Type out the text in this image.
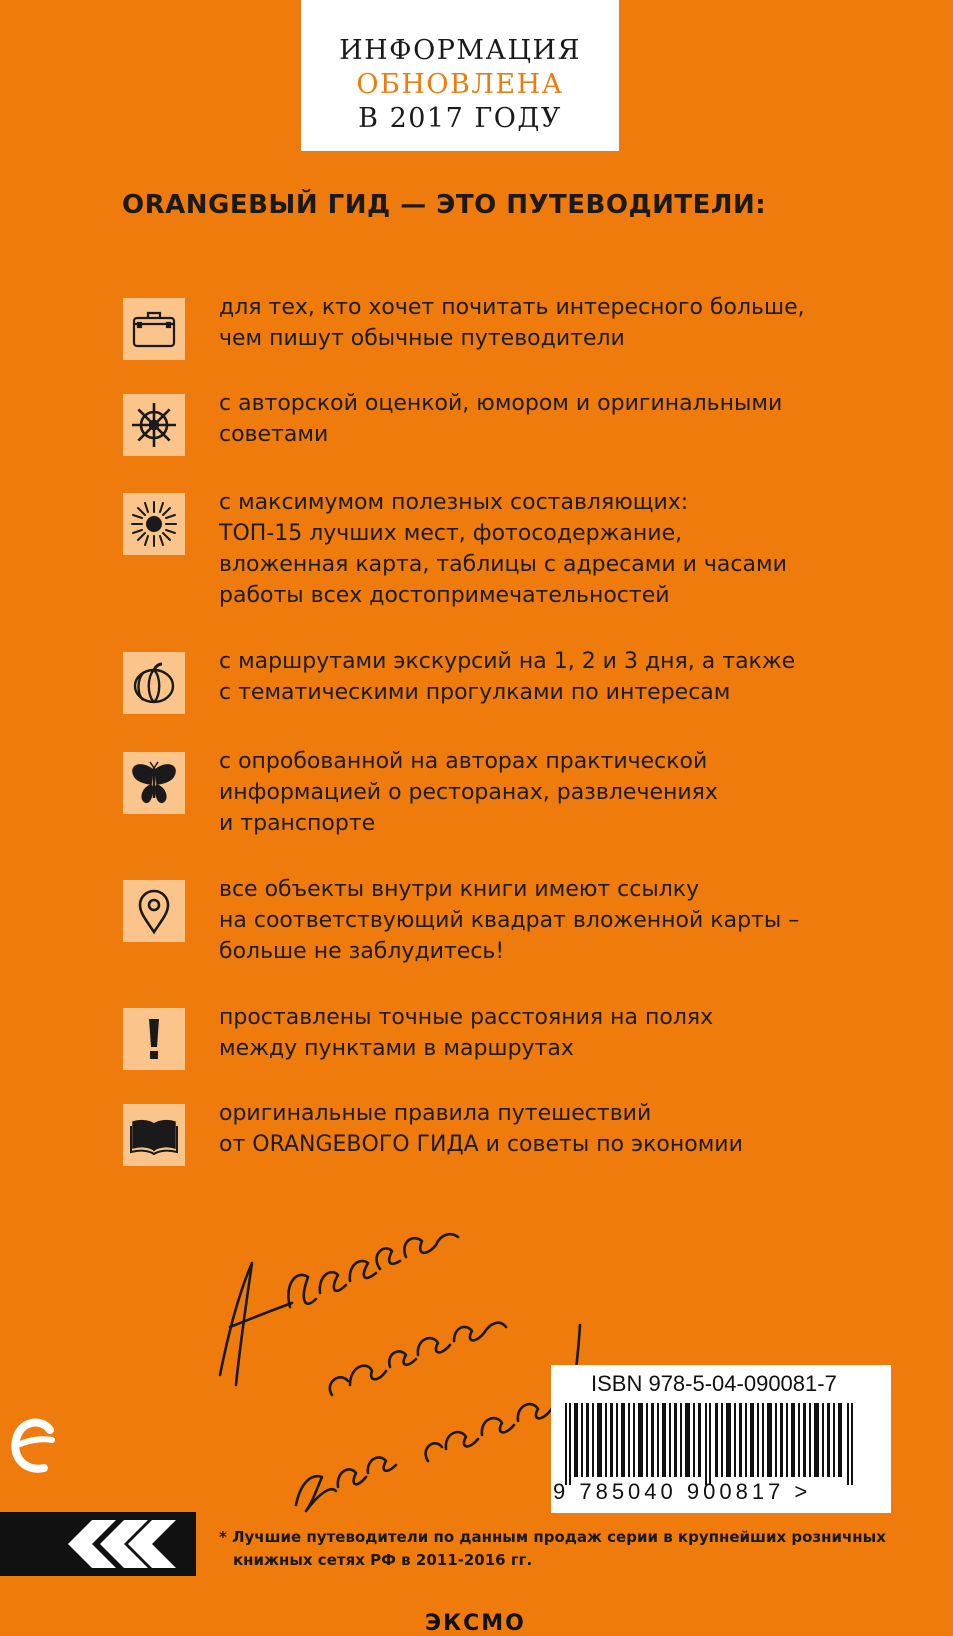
ИНФОРМАЦИЯ
ОБНОВЛЕНА
В 2017 ГОДУ
ORANGEВЫЙ ГИД — ЭТО ПУТЕВОДИТЕЛИ:
для тех, кто хочет почитать интересного больше,
чем пишут обычные путеводители
с авторской оценкой, юмором и оригинальными
советами
с максимумом полезных составляющих:
ТОП-15 лучших мест, фотосодержание,
вложенная карта, таблицы с адресами и часами
работы всех достопримечательностей
с маршрутами экскурсий на 1, 2 и 3 дня, а также
с тематическими прогулками по интересам
с опробованной на авторах практической
информацией о ресторанах, развлечениях
и транспорте
все объекты внутри книги имеют ссылку
на соответствующий квадрат вложенной карты –
больше не заблудитесь!
проставлены точные расстояния на полях
между пунктами в маршрутах
оригинальные правила путешествий
от ORANGEВОГО ГИДА и советы по экономии
ISBN 978-5-04-090081-7
9 785040 900817 >
* Лучшие путеводители по данным продаж серии в крупнейших розничных
книжных сетях РФ в 2011-2016 гг.
ЭКСМО
